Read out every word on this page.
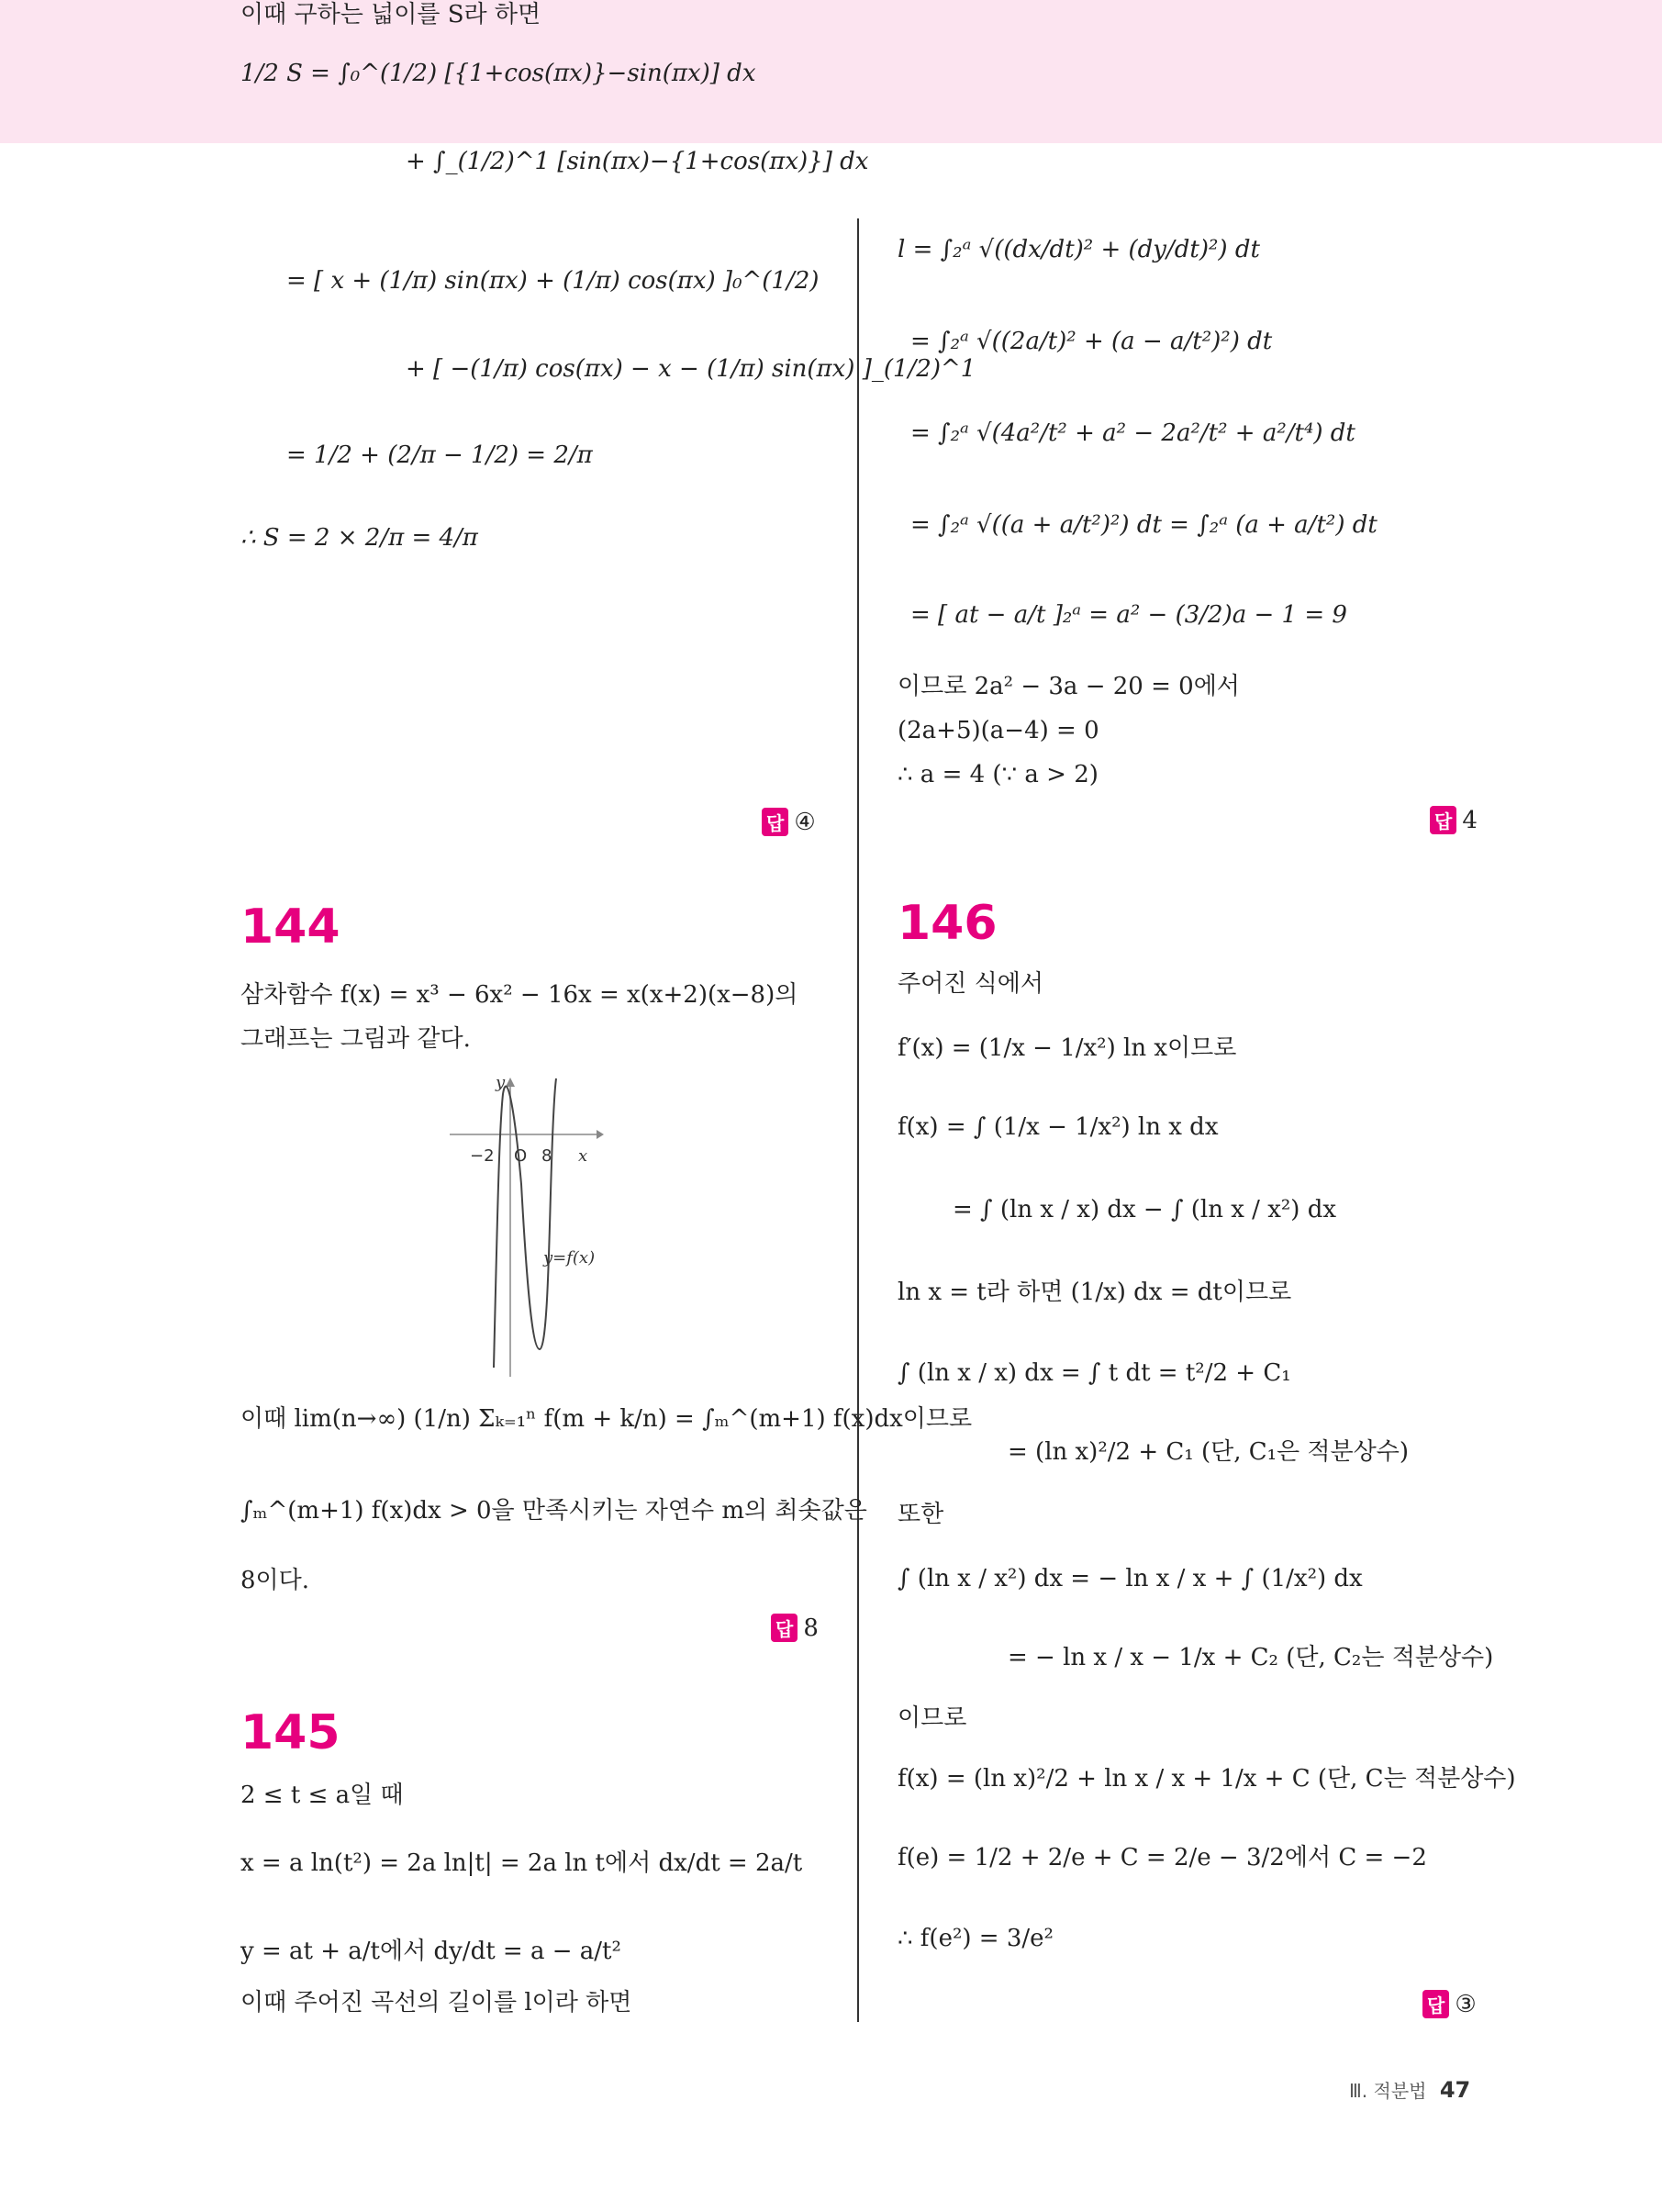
이때 구하는 넓이를 S라 하면
1/2 S = ∫₀^(1/2) [{1+cos(πx)}−sin(πx)] dx
+ ∫_(1/2)^1 [sin(πx)−{1+cos(πx)}] dx
= [ x + (1/π) sin(πx) + (1/π) cos(πx) ]₀^(1/2)
+ [ −(1/π) cos(πx) − x − (1/π) sin(πx) ]_(1/2)^1
= 1/2 + (2/π − 1/2) = 2/π
∴ S = 2 × 2/π = 4/π
답 ④
144
삼차함수 f(x) = x³ − 6x² − 16x = x(x+2)(x−8)의
그래프는 그림과 같다.
y
x
−2 O 8
y=f(x)
이때 lim(n→∞) (1/n) Σₖ₌₁ⁿ f(m + k/n) = ∫ₘ^(m+1) f(x)dx이므로
∫ₘ^(m+1) f(x)dx > 0을 만족시키는 자연수 m의 최솟값은
8이다.
답 8
145
2 ≤ t ≤ a일 때
x = a ln(t²) = 2a ln|t| = 2a ln t에서 dx/dt = 2a/t
y = at + a/t에서 dy/dt = a − a/t²
이때 주어진 곡선의 길이를 l이라 하면
l = ∫₂ᵃ √((dx/dt)² + (dy/dt)²) dt
= ∫₂ᵃ √((2a/t)² + (a − a/t²)²) dt
= ∫₂ᵃ √(4a²/t² + a² − 2a²/t² + a²/t⁴) dt
= ∫₂ᵃ √((a + a/t²)²) dt = ∫₂ᵃ (a + a/t²) dt
= [ at − a/t ]₂ᵃ = a² − (3/2)a − 1 = 9
이므로 2a² − 3a − 20 = 0에서
(2a+5)(a−4) = 0
∴ a = 4 (∵ a > 2)
답 4
146
주어진 식에서
f′(x) = (1/x − 1/x²) ln x이므로
f(x) = ∫ (1/x − 1/x²) ln x dx
= ∫ (ln x / x) dx − ∫ (ln x / x²) dx
ln x = t라 하면 (1/x) dx = dt이므로
∫ (ln x / x) dx = ∫ t dt = t²/2 + C₁
= (ln x)²/2 + C₁ (단, C₁은 적분상수)
또한
∫ (ln x / x²) dx = − ln x / x + ∫ (1/x²) dx
= − ln x / x − 1/x + C₂ (단, C₂는 적분상수)
이므로
f(x) = (ln x)²/2 + ln x / x + 1/x + C (단, C는 적분상수)
f(e) = 1/2 + 2/e + C = 2/e − 3/2에서 C = −2
∴ f(e²) = 3/e²
답 ③
Ⅲ. 적분법 47
